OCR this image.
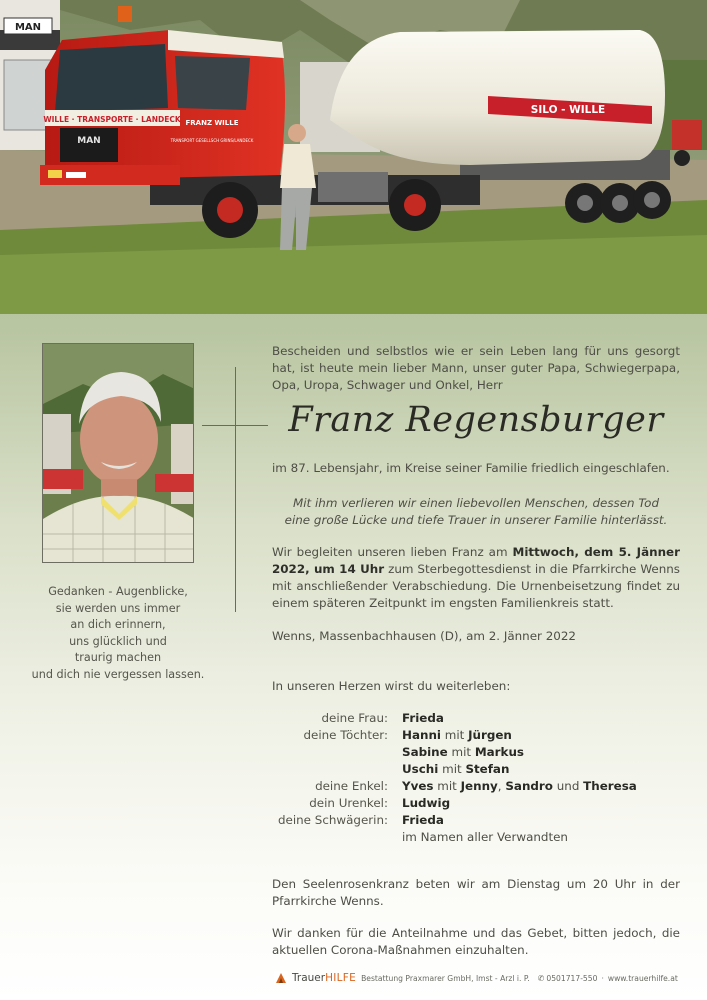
MAN
SILO - WILLE
WILLE · TRANSPORTE · LANDECK
MAN
FRANZ WILLE
TRANSPORT GESELLSCH GRINS/LANDECK
Gedanken - Augenblicke,
sie werden uns immer
an dich erinnern,
uns glücklich und
traurig machen
und dich nie vergessen lassen.
Bescheiden und selbstlos wie er sein Leben lang für uns gesorgt hat, ist heute mein lieber Mann, unser guter Papa, Schwiegerpapa, Opa, Uropa, Schwager und Onkel, Herr
Franz Regensburger
im 87. Lebensjahr, im Kreise seiner Familie friedlich eingeschlafen.
Mit ihm verlieren wir einen liebevollen Menschen, dessen Tod
eine große Lücke und tiefe Trauer in unserer Familie hinterlässt.
Wir begleiten unseren lieben Franz am Mittwoch, dem 5. Jänner 2022, um 14 Uhr zum Sterbegottesdienst in die Pfarrkirche Wenns mit anschließender Verabschiedung. Die Urnenbeisetzung findet zu einem späteren Zeitpunkt im engsten Familienkreis statt.
Wenns, Massenbachhausen (D), am 2. Jänner 2022
In unseren Herzen wirst du weiterleben:
deine Frau:	Frieda
deine Töchter:	Hanni mit Jürgen
Sabine mit Markus
Uschi mit Stefan
deine Enkel:	Yves mit Jenny, Sandro und Theresa
dein Urenkel:	Ludwig
deine Schwägerin:	Frieda
im Namen aller Verwandten
Den Seelenrosenkranz beten wir am Dienstag um 20 Uhr in der Pfarrkirche Wenns.
Wir danken für die Anteilnahme und das Gebet, bitten jedoch, die aktuellen Corona-Maßnahmen einzuhalten.
TrauerHILFE Bestattung Praxmarer GmbH, Imst - Arzl i. P. ✆ 0501717-550 · www.trauerhilfe.at
